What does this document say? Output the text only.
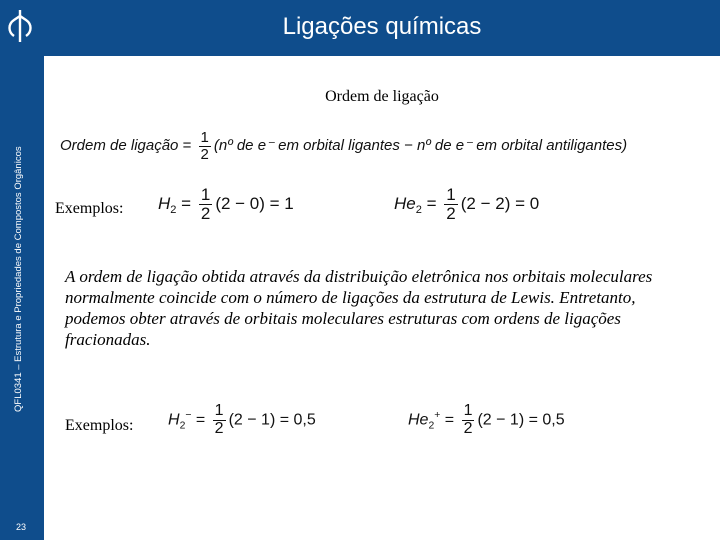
Ligações químicas
QFL0341 – Estrutura e Propriedades de Compostos Orgânicos
23
Ordem de ligação
Ordem de ligação = $\frac{1}{2}$ (nº de e⁻ em orbital ligantes − nº de e⁻ em orbital antiligantes)
Exemplos: $H_2 = \frac{1}{2} (2 - 0) = 1$	$He_2 = \frac{1}{2} (2 - 2) = 0$
A ordem de ligação obtida através da distribuição eletrônica nos orbitais moleculares normalmente coincide com o número de ligações da estrutura de Lewis. Entretanto, podemos obter através de orbitais moleculares estruturas com ordens de ligações fracionadas.
Exemplos: $H_2^- = \frac{1}{2} (2 - 1) = 0,5$	$He_2^+ = \frac{1}{2} (2 - 1) = 0,5$
